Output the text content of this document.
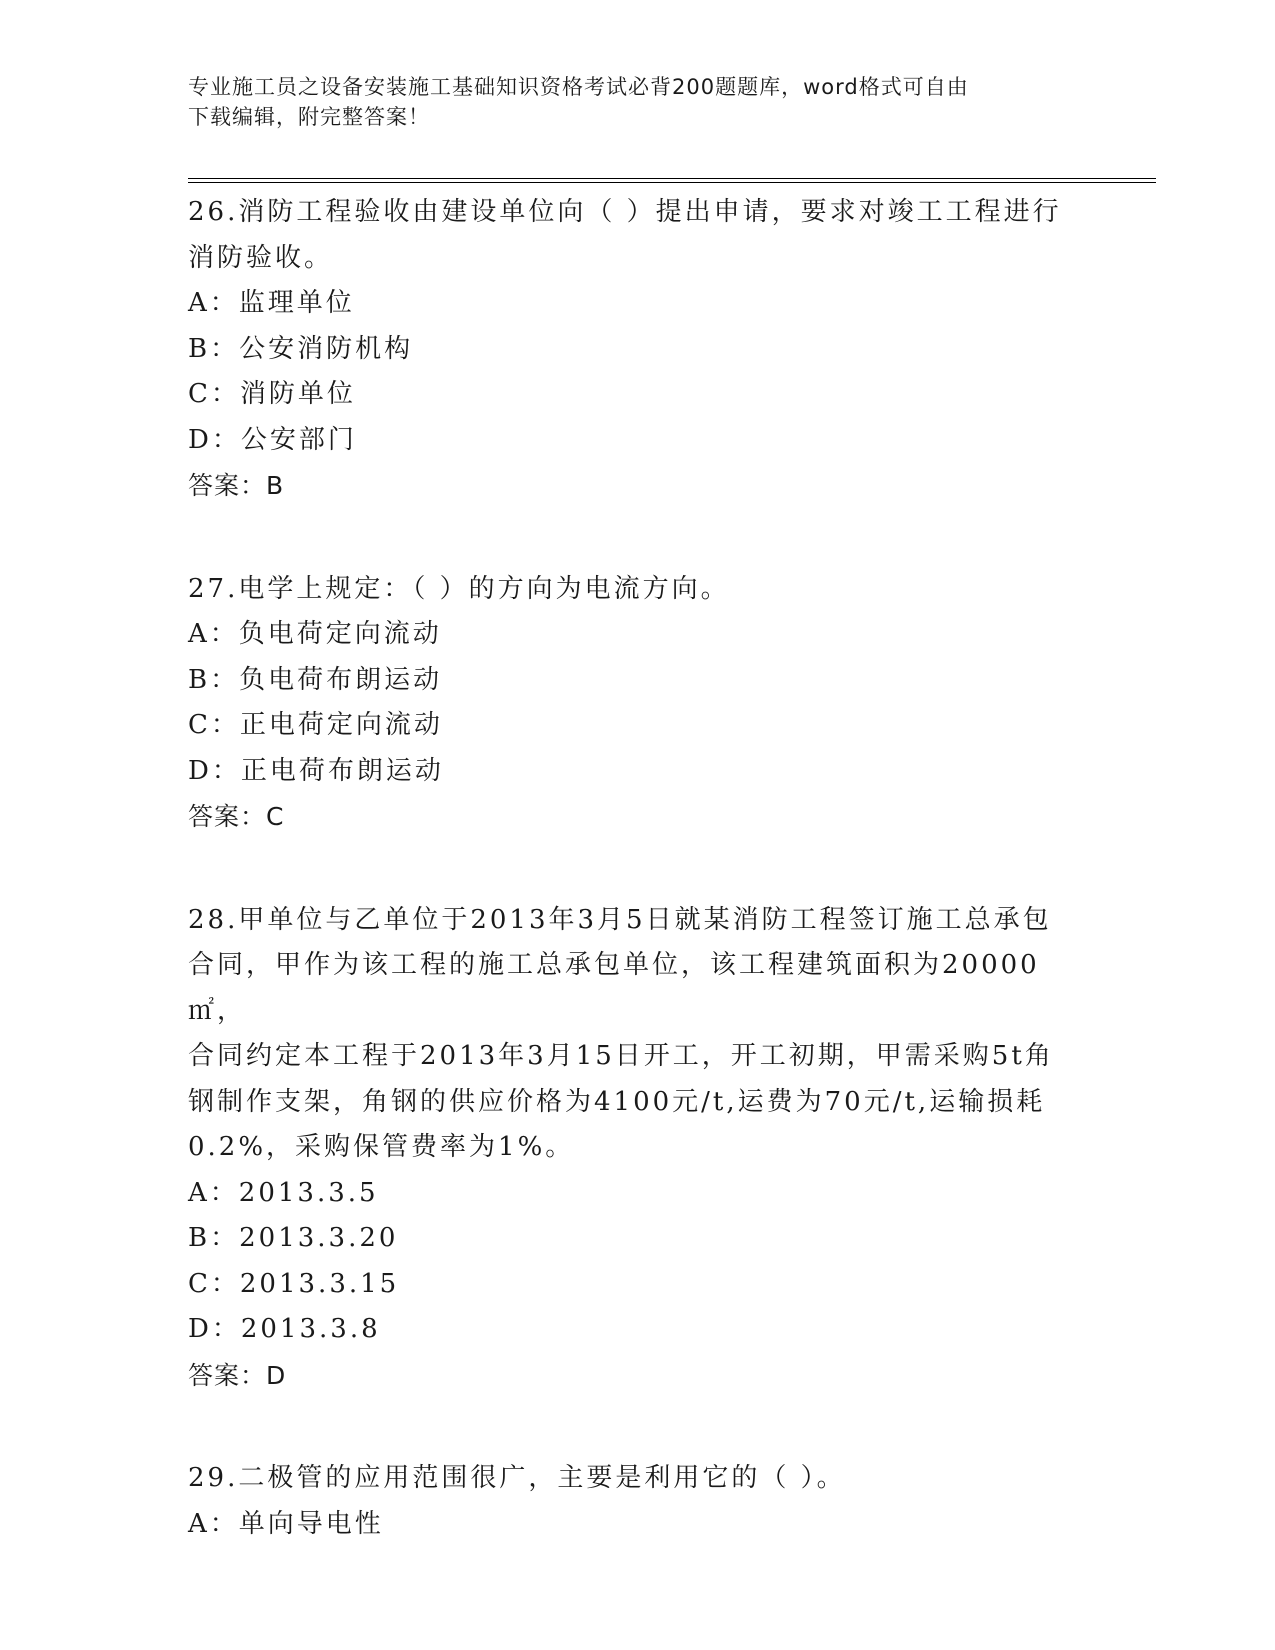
专业施工员之设备安装施工基础知识资格考试必背200题题库，word格式可自由
下载编辑，附完整答案！
26.消防工程验收由建设单位向（ ）提出申请，要求对竣工工程进行
消防验收。
A：监理单位
B：公安消防机构
C：消防单位
D：公安部门
答案：B
27.电学上规定：（ ）的方向为电流方向。
A：负电荷定向流动
B：负电荷布朗运动
C：正电荷定向流动
D：正电荷布朗运动
答案：C
28.甲单位与乙单位于2013年3月5日就某消防工程签订施工总承包
合同，甲作为该工程的施工总承包单位，该工程建筑面积为20000㎡，
合同约定本工程于2013年3月15日开工，开工初期，甲需采购5t角
钢制作支架，角钢的供应价格为4100元/t,运费为70元/t,运输损耗
0.2%，采购保管费率为1%。
A：2013.3.5
B：2013.3.20
C：2013.3.15
D：2013.3.8
答案：D
29.二极管的应用范围很广，主要是利用它的（ ）。
A：单向导电性
